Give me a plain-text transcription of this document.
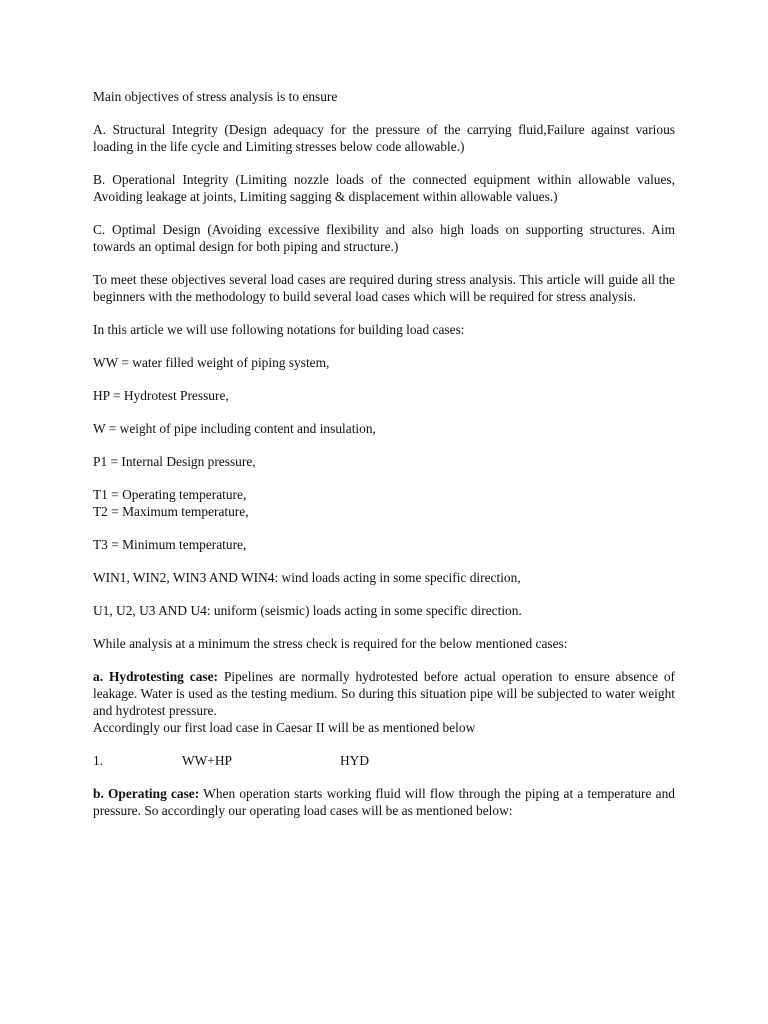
Main objectives of stress analysis is to ensure

A. Structural Integrity (Design adequacy for the pressure of the carrying fluid,Failure against various loading in the life cycle and Limiting stresses below code allowable.)

B. Operational Integrity (Limiting nozzle loads of the connected equipment within allowable values, Avoiding leakage at joints, Limiting sagging & displacement within allowable values.)

C. Optimal Design (Avoiding excessive flexibility and also high loads on supporting structures. Aim towards an optimal design for both piping and structure.)

To meet these objectives several load cases are required during stress analysis. This article will guide all the beginners with the methodology to build several load cases which will be required for stress analysis.

In this article we will use following notations for building load cases:

WW = water filled weight of piping system,

HP = Hydrotest Pressure,

W = weight of pipe including content and insulation,

P1 = Internal Design pressure,

T1 = Operating temperature,

T2 = Maximum temperature,

T3 = Minimum temperature,

WIN1, WIN2, WIN3 AND WIN4: wind loads acting in some specific direction,

U1, U2, U3 AND U4: uniform (seismic) loads acting in some specific direction.

While analysis at a minimum the stress check is required for the below mentioned cases:

a. Hydrotesting case: Pipelines are normally hydrotested before actual operation to ensure absence of leakage. Water is used as the testing medium. So during this situation pipe will be subjected to water weight and hydrotest pressure.

Accordingly our first load case in Caesar II will be as mentioned below

1.	WW+HP	HYD

b. Operating case: When operation starts working fluid will flow through the piping at a temperature and pressure. So accordingly our operating load cases will be as mentioned below:
